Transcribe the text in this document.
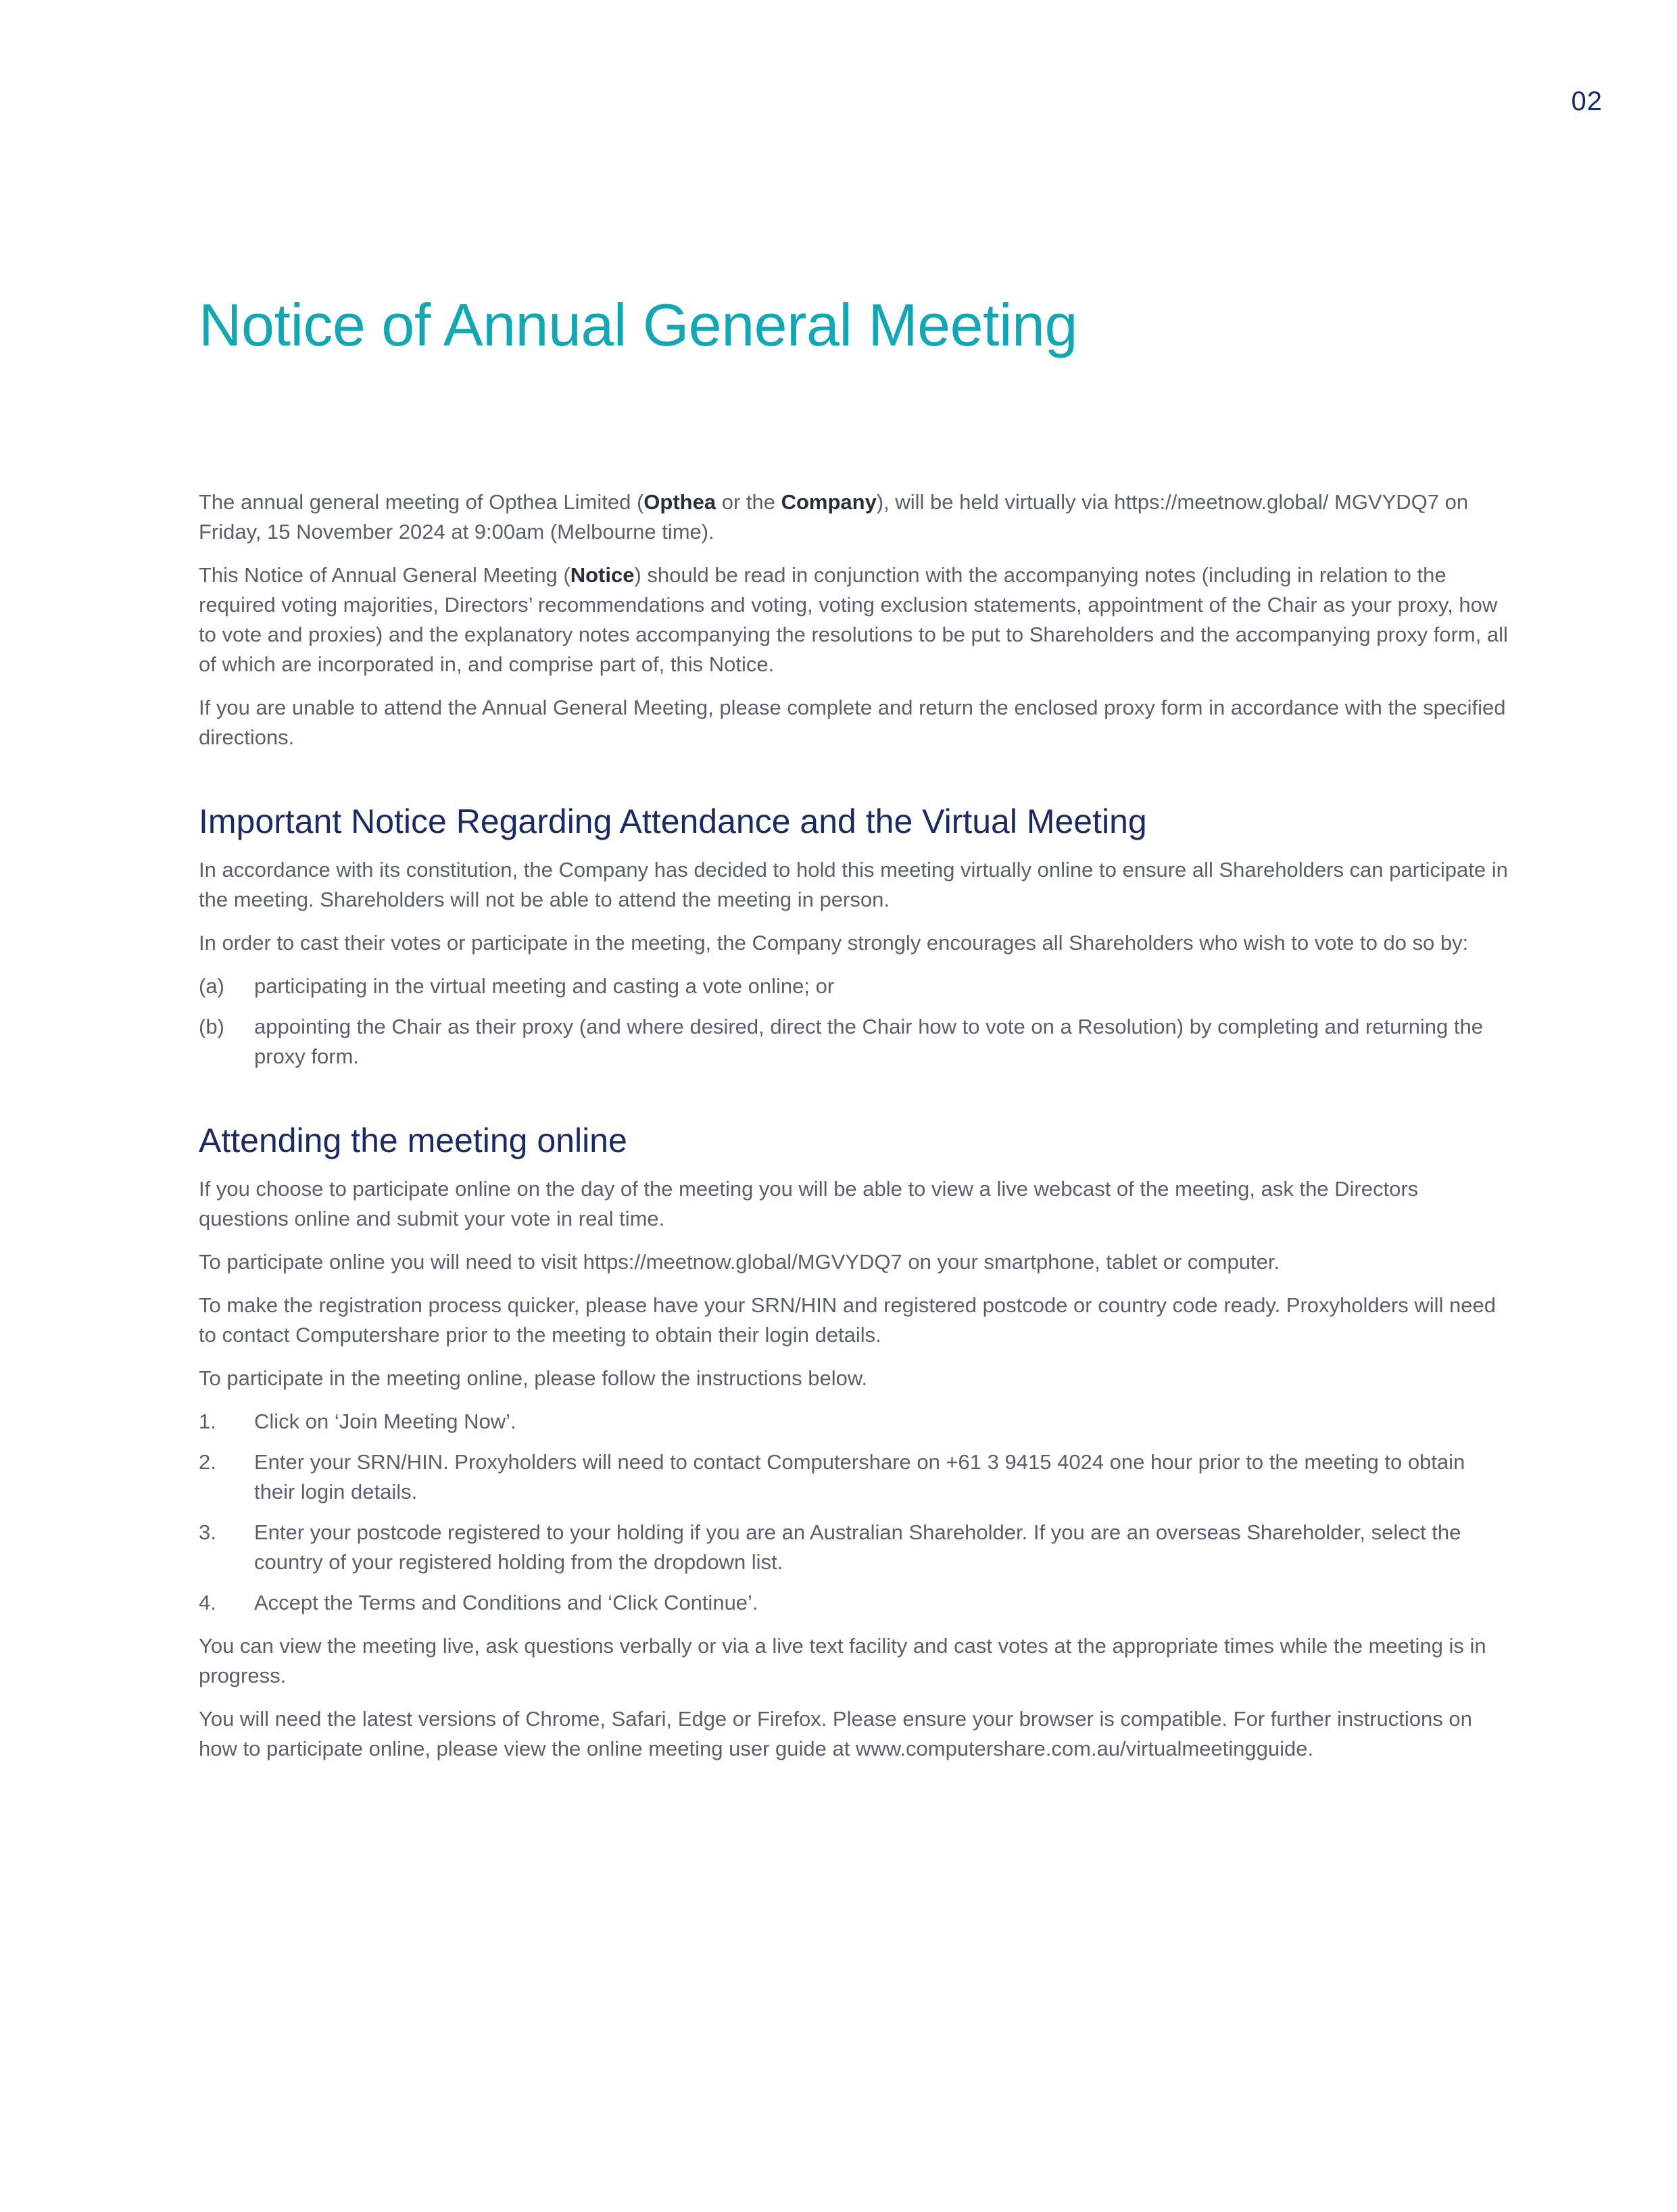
02
Notice of Annual General Meeting

The annual general meeting of Opthea Limited (Opthea or the Company), will be held virtually via https://meetnow.global/ MGVYDQ7 on Friday, 15 November 2024 at 9:00am (Melbourne time).

This Notice of Annual General Meeting (Notice) should be read in conjunction with the accompanying notes (including in relation to the required voting majorities, Directors’ recommendations and voting, voting exclusion statements, appointment of the Chair as your proxy, how to vote and proxies) and the explanatory notes accompanying the resolutions to be put to Shareholders and the accompanying proxy form, all of which are incorporated in, and comprise part of, this Notice.

If you are unable to attend the Annual General Meeting, please complete and return the enclosed proxy form in accordance with the specified directions.

Important Notice Regarding Attendance and the Virtual Meeting

In accordance with its constitution, the Company has decided to hold this meeting virtually online to ensure all Shareholders can participate in the meeting. Shareholders will not be able to attend the meeting in person.

In order to cast their votes or participate in the meeting, the Company strongly encourages all Shareholders who wish to vote to do so by:

(a)	participating in the virtual meeting and casting a vote online; or
(b)	appointing the Chair as their proxy (and where desired, direct the Chair how to vote on a Resolution) by completing and returning the proxy form.
Attending the meeting online

If you choose to participate online on the day of the meeting you will be able to view a live webcast of the meeting, ask the Directors questions online and submit your vote in real time.

To participate online you will need to visit https://meetnow.global/MGVYDQ7 on your smartphone, tablet or computer.

To make the registration process quicker, please have your SRN/HIN and registered postcode or country code ready. Proxyholders will need to contact Computershare prior to the meeting to obtain their login details.

To participate in the meeting online, please follow the instructions below.

1.	Click on ‘Join Meeting Now’.
2.	Enter your SRN/HIN. Proxyholders will need to contact Computershare on +61 3 9415 4024 one hour prior to the meeting to obtain their login details.
3.	Enter your postcode registered to your holding if you are an Australian Shareholder. If you are an overseas Shareholder, select the country of your registered holding from the dropdown list.
4.	Accept the Terms and Conditions and ‘Click Continue’.

You can view the meeting live, ask questions verbally or via a live text facility and cast votes at the appropriate times while the meeting is in progress.

You will need the latest versions of Chrome, Safari, Edge or Firefox. Please ensure your browser is compatible. For further instructions on how to participate online, please view the online meeting user guide at www.computershare.com.au/virtualmeetingguide.
